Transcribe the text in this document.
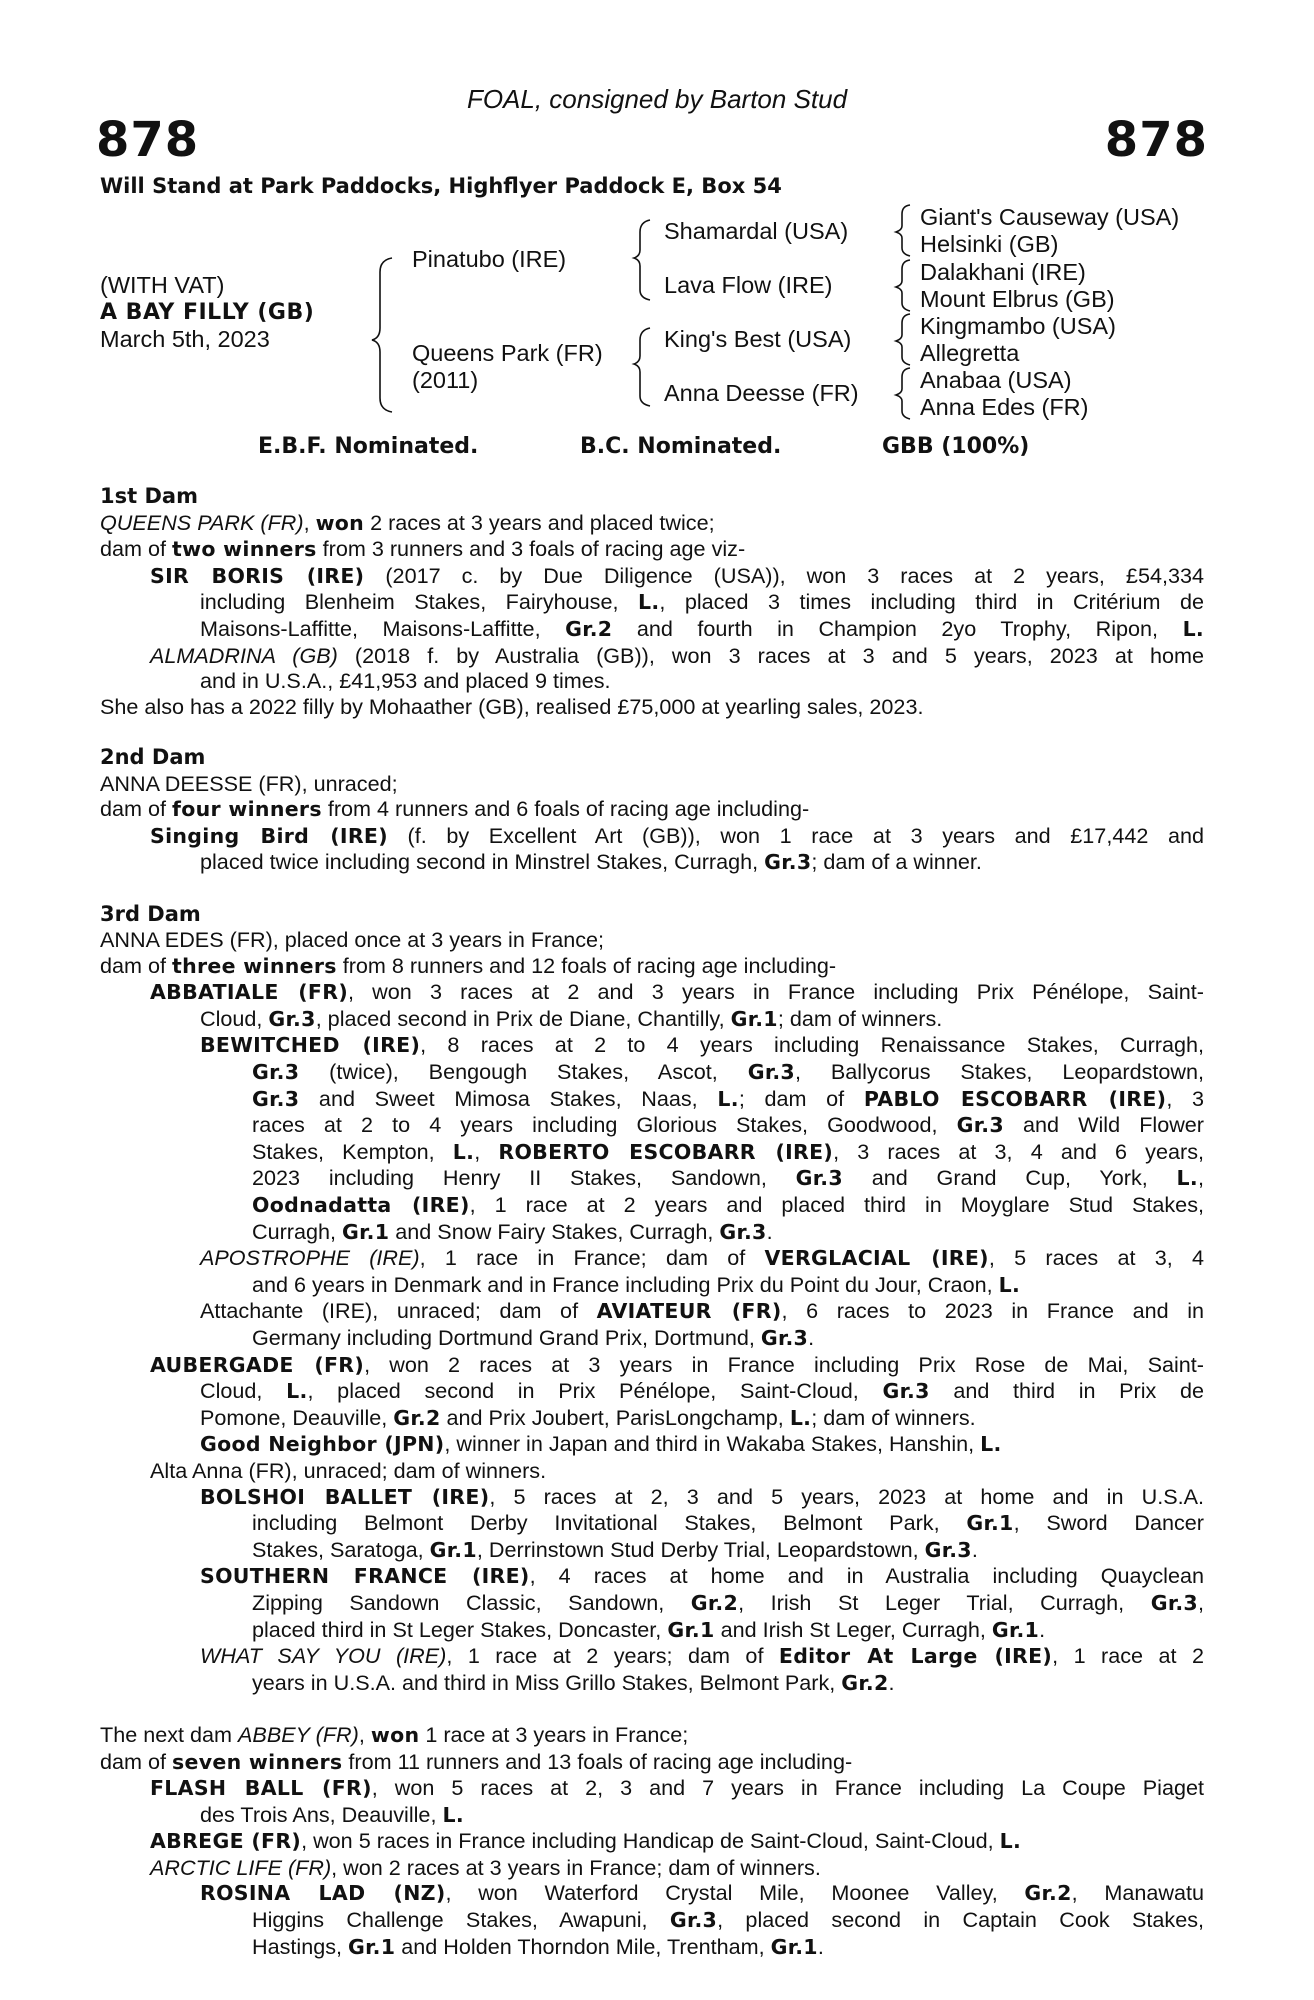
FOAL, consigned by Barton Stud
878	878
Will Stand at Park Paddocks, Highflyer Paddock E, Box 54
(WITH VAT)
A BAY FILLY (GB)
March 5th, 2023
Pinatubo (IRE)
Queens Park (FR)
(2011)
Shamardal (USA)
Lava Flow (IRE)
King's Best (USA)
Anna Deesse (FR)
Giant's Causeway (USA)
Helsinki (GB)
Dalakhani (IRE)
Mount Elbrus (GB)
Kingmambo (USA)
Allegretta
Anabaa (USA)
Anna Edes (FR)
E.B.F. Nominated.	B.C. Nominated.	GBB (100%)

1st Dam

QUEENS PARK (FR), won 2 races at 3 years and placed twice;

dam of two winners from 3 runners and 3 foals of racing age viz-

SIR BORIS (IRE) (2017 c. by Due Diligence (USA)), won 3 races at 2 years, £54,334

including Blenheim Stakes, Fairyhouse, L., placed 3 times including third in Critérium de

Maisons-Laffitte, Maisons-Laffitte, Gr.2 and fourth in Champion 2yo Trophy, Ripon, L.

ALMADRINA (GB) (2018 f. by Australia (GB)), won 3 races at 3 and 5 years, 2023 at home

and in U.S.A., £41,953 and placed 9 times.

She also has a 2022 filly by Mohaather (GB), realised £75,000 at yearling sales, 2023.

2nd Dam

ANNA DEESSE (FR), unraced;

dam of four winners from 4 runners and 6 foals of racing age including-

Singing Bird (IRE) (f. by Excellent Art (GB)), won 1 race at 3 years and £17,442 and

placed twice including second in Minstrel Stakes, Curragh, Gr.3; dam of a winner.

3rd Dam

ANNA EDES (FR), placed once at 3 years in France;

dam of three winners from 8 runners and 12 foals of racing age including-

ABBATIALE (FR), won 3 races at 2 and 3 years in France including Prix Pénélope, Saint-

Cloud, Gr.3, placed second in Prix de Diane, Chantilly, Gr.1; dam of winners.

BEWITCHED (IRE), 8 races at 2 to 4 years including Renaissance Stakes, Curragh,

Gr.3 (twice), Bengough Stakes, Ascot, Gr.3, Ballycorus Stakes, Leopardstown,

Gr.3 and Sweet Mimosa Stakes, Naas, L.; dam of PABLO ESCOBARR (IRE), 3

races at 2 to 4 years including Glorious Stakes, Goodwood, Gr.3 and Wild Flower

Stakes, Kempton, L., ROBERTO ESCOBARR (IRE), 3 races at 3, 4 and 6 years,

2023 including Henry II Stakes, Sandown, Gr.3 and Grand Cup, York, L.,

Oodnadatta (IRE), 1 race at 2 years and placed third in Moyglare Stud Stakes,

Curragh, Gr.1 and Snow Fairy Stakes, Curragh, Gr.3.

APOSTROPHE (IRE), 1 race in France; dam of VERGLACIAL (IRE), 5 races at 3, 4

and 6 years in Denmark and in France including Prix du Point du Jour, Craon, L.

Attachante (IRE), unraced; dam of AVIATEUR (FR), 6 races to 2023 in France and in

Germany including Dortmund Grand Prix, Dortmund, Gr.3.

AUBERGADE (FR), won 2 races at 3 years in France including Prix Rose de Mai, Saint-

Cloud, L., placed second in Prix Pénélope, Saint-Cloud, Gr.3 and third in Prix de

Pomone, Deauville, Gr.2 and Prix Joubert, ParisLongchamp, L.; dam of winners.

Good Neighbor (JPN), winner in Japan and third in Wakaba Stakes, Hanshin, L.

Alta Anna (FR), unraced; dam of winners.

BOLSHOI BALLET (IRE), 5 races at 2, 3 and 5 years, 2023 at home and in U.S.A.

including Belmont Derby Invitational Stakes, Belmont Park, Gr.1, Sword Dancer

Stakes, Saratoga, Gr.1, Derrinstown Stud Derby Trial, Leopardstown, Gr.3.

SOUTHERN FRANCE (IRE), 4 races at home and in Australia including Quayclean

Zipping Sandown Classic, Sandown, Gr.2, Irish St Leger Trial, Curragh, Gr.3,

placed third in St Leger Stakes, Doncaster, Gr.1 and Irish St Leger, Curragh, Gr.1.

WHAT SAY YOU (IRE), 1 race at 2 years; dam of Editor At Large (IRE), 1 race at 2

years in U.S.A. and third in Miss Grillo Stakes, Belmont Park, Gr.2.

The next dam ABBEY (FR), won 1 race at 3 years in France;

dam of seven winners from 11 runners and 13 foals of racing age including-

FLASH BALL (FR), won 5 races at 2, 3 and 7 years in France including La Coupe Piaget

des Trois Ans, Deauville, L.

ABREGE (FR), won 5 races in France including Handicap de Saint-Cloud, Saint-Cloud, L.

ARCTIC LIFE (FR), won 2 races at 3 years in France; dam of winners.

ROSINA LAD (NZ), won Waterford Crystal Mile, Moonee Valley, Gr.2, Manawatu

Higgins Challenge Stakes, Awapuni, Gr.3, placed second in Captain Cook Stakes,

Hastings, Gr.1 and Holden Thorndon Mile, Trentham, Gr.1.
